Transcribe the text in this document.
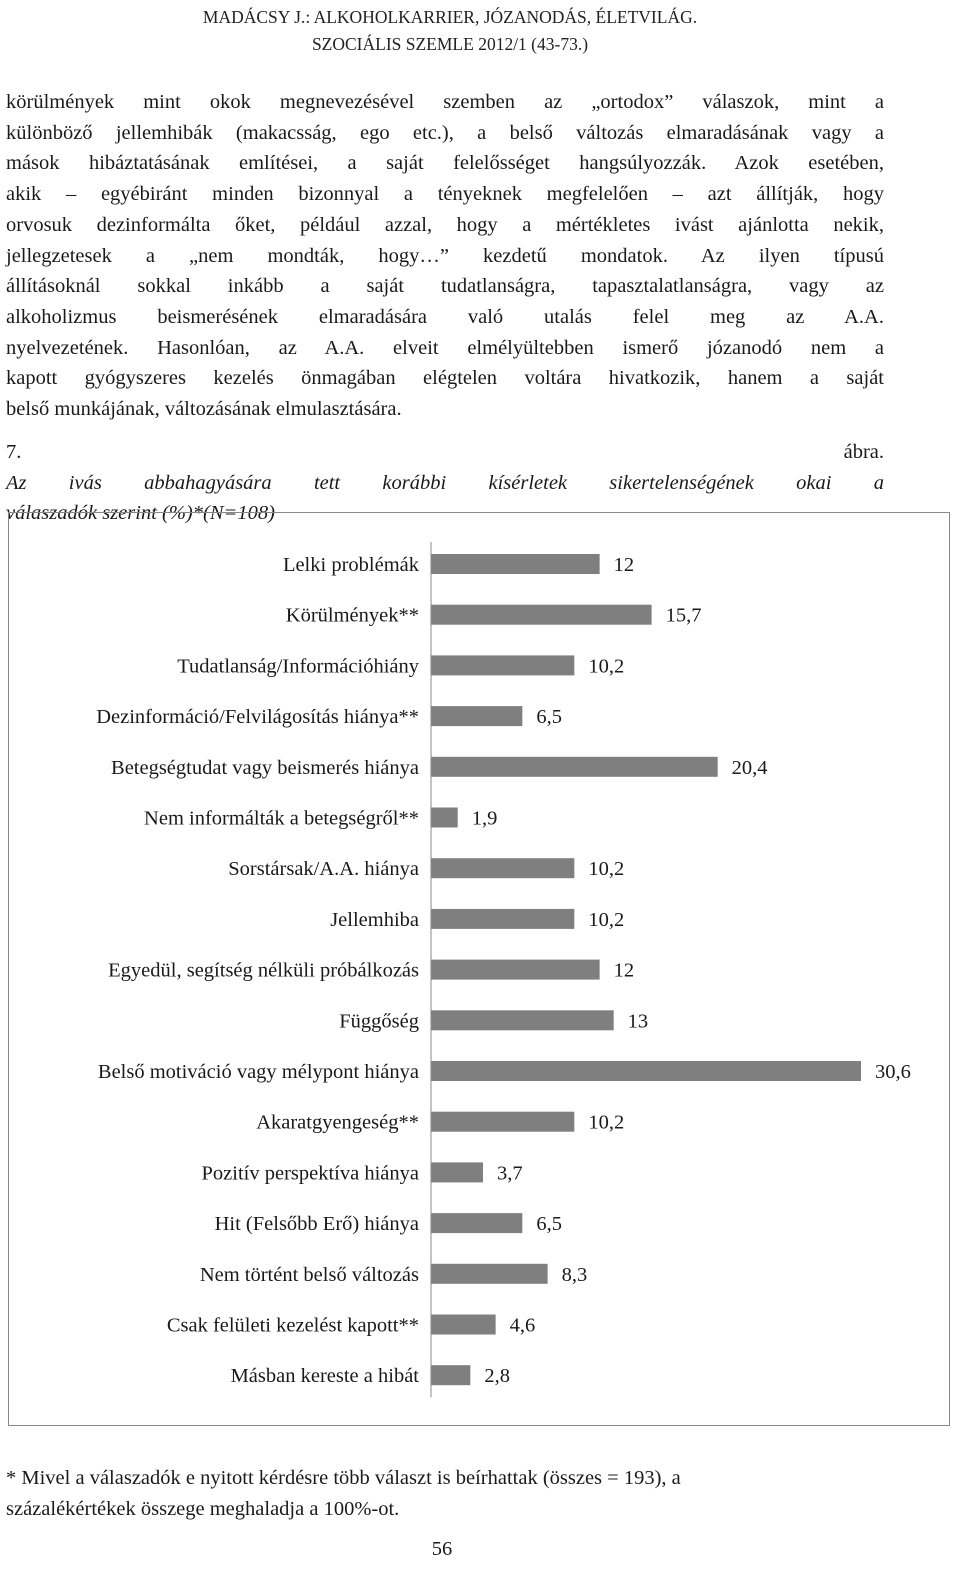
MADÁCSY J.: ALKOHOLKARRIER, JÓZANODÁS, ÉLETVILÁG.
SZOCIÁLIS SZEMLE 2012/1 (43-73.)
körülmények mint okok megnevezésével szemben az „ortodox” válaszok, mint a
különböző jellemhibák (makacsság, ego etc.), a belső változás elmaradásának vagy a
mások hibáztatásának említései, a saját felelősséget hangsúlyozzák. Azok esetében,
akik – egyébiránt minden bizonnyal a tényeknek megfelelően – azt állítják, hogy
orvosuk dezinformálta őket, például azzal, hogy a mértékletes ivást ajánlotta nekik,
jellegzetesek a „nem mondták, hogy…” kezdetű mondatok. Az ilyen típusú
állításoknál sokkal inkább a saját tudatlanságra, tapasztalatlanságra, vagy az
alkoholizmus beismerésének elmaradására való utalás felel meg az A.A.
nyelvezetének. Hasonlóan, az A.A. elveit elmélyültebben ismerő józanodó nem a
kapott gyógyszeres kezelés önmagában elégtelen voltára hivatkozik, hanem a saját
belső munkájának, változásának elmulasztására.
7. ábra.
Az ivás abbahagyására tett korábbi kísérletek sikertelenségének okai a
válaszadók szerint (%)*(N=108)
Lelki problémák	12
Körülmények**	15,7
Tudatlanság/Információhiány	10,2
Dezinformáció/Felvilágosítás hiánya**	6,5
Betegségtudat vagy beismerés hiánya	20,4
Nem informálták a betegségről**	1,9
Sorstársak/A.A. hiánya	10,2
Jellemhiba	10,2
Egyedül, segítség nélküli próbálkozás	12
Függőség	13
Belső motiváció vagy mélypont hiánya	30,6
Akaratgyengeség**	10,2
Pozitív perspektíva hiánya	3,7
Hit (Felsőbb Erő) hiánya	6,5
Nem történt belső változás	8,3
Csak felületi kezelést kapott**	4,6
Másban kereste a hibát	2,8
* Mivel a válaszadók e nyitott kérdésre több választ is beírhattak (összes = 193), a
százalékértékek összege meghaladja a 100%-ot.
56
